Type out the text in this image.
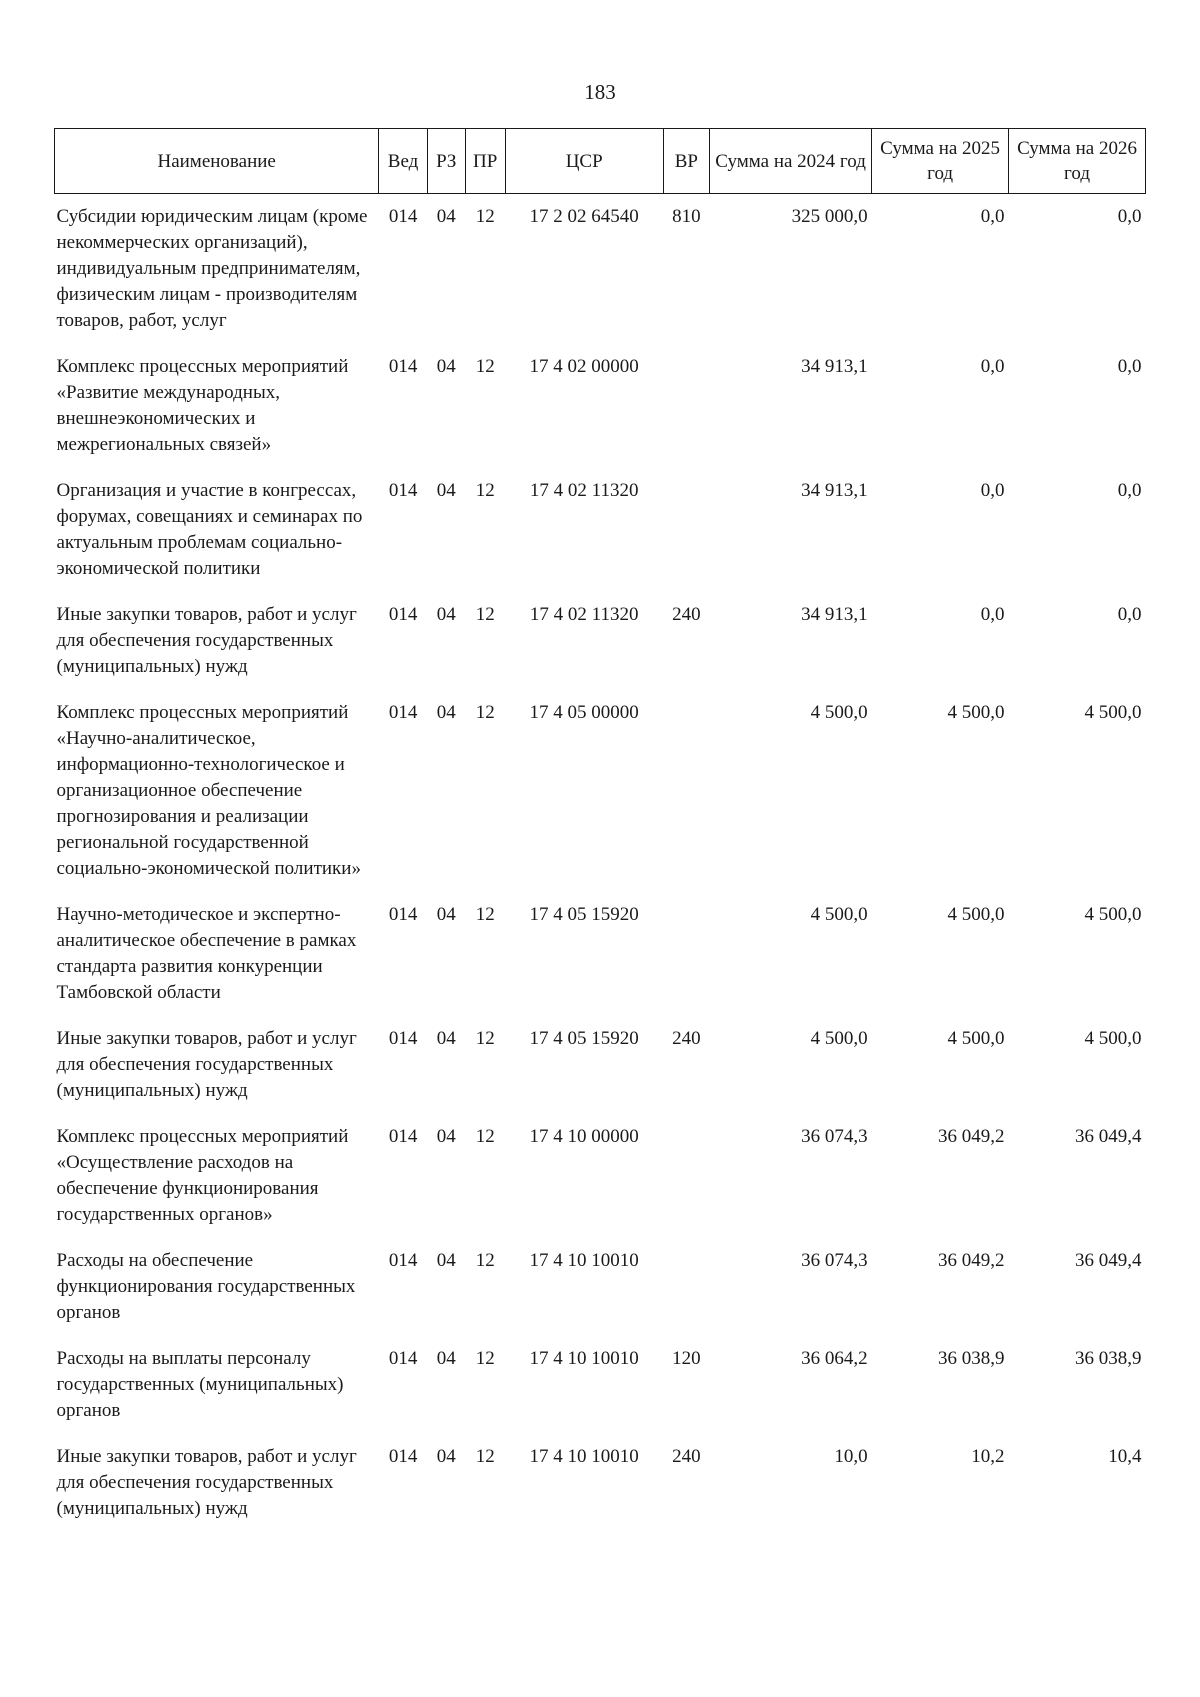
183
Наименование	Вед	РЗ	ПР	ЦСР	ВР	Сумма на 2024 год	Сумма на 2025 год	Сумма на 2026 год
Субсидии юридическим лицам (кроме некоммерческих организаций), индивидуальным предпринимателям, физическим лицам - производителям товаров, работ, услуг	014	04	12	17 2 02 64540	810	325 000,0	0,0	0,0
Комплекс процессных мероприятий «Развитие международных, внешнеэкономических и межрегиональных связей»	014	04	12	17 4 02 00000		34 913,1	0,0	0,0
Организация и участие в конгрессах, форумах, совещаниях и семинарах по актуальным проблемам социально-экономической политики	014	04	12	17 4 02 11320		34 913,1	0,0	0,0
Иные закупки товаров, работ и услуг для обеспечения государственных (муниципальных) нужд	014	04	12	17 4 02 11320	240	34 913,1	0,0	0,0
Комплекс процессных мероприятий «Научно-аналитическое, информационно-технологическое и организационное обеспечение прогнозирования и реализации региональной государственной социально-экономической политики»	014	04	12	17 4 05 00000		4 500,0	4 500,0	4 500,0
Научно-методическое и экспертно-аналитическое обеспечение в рамках стандарта развития конкуренции Тамбовской области	014	04	12	17 4 05 15920		4 500,0	4 500,0	4 500,0
Иные закупки товаров, работ и услуг для обеспечения государственных (муниципальных) нужд	014	04	12	17 4 05 15920	240	4 500,0	4 500,0	4 500,0
Комплекс процессных мероприятий «Осуществление расходов на обеспечение функционирования государственных органов»	014	04	12	17 4 10 00000		36 074,3	36 049,2	36 049,4
Расходы на обеспечение функционирования государственных органов	014	04	12	17 4 10 10010		36 074,3	36 049,2	36 049,4
Расходы на выплаты персоналу государственных (муниципальных) органов	014	04	12	17 4 10 10010	120	36 064,2	36 038,9	36 038,9
Иные закупки товаров, работ и услуг для обеспечения государственных (муниципальных) нужд	014	04	12	17 4 10 10010	240	10,0	10,2	10,4
